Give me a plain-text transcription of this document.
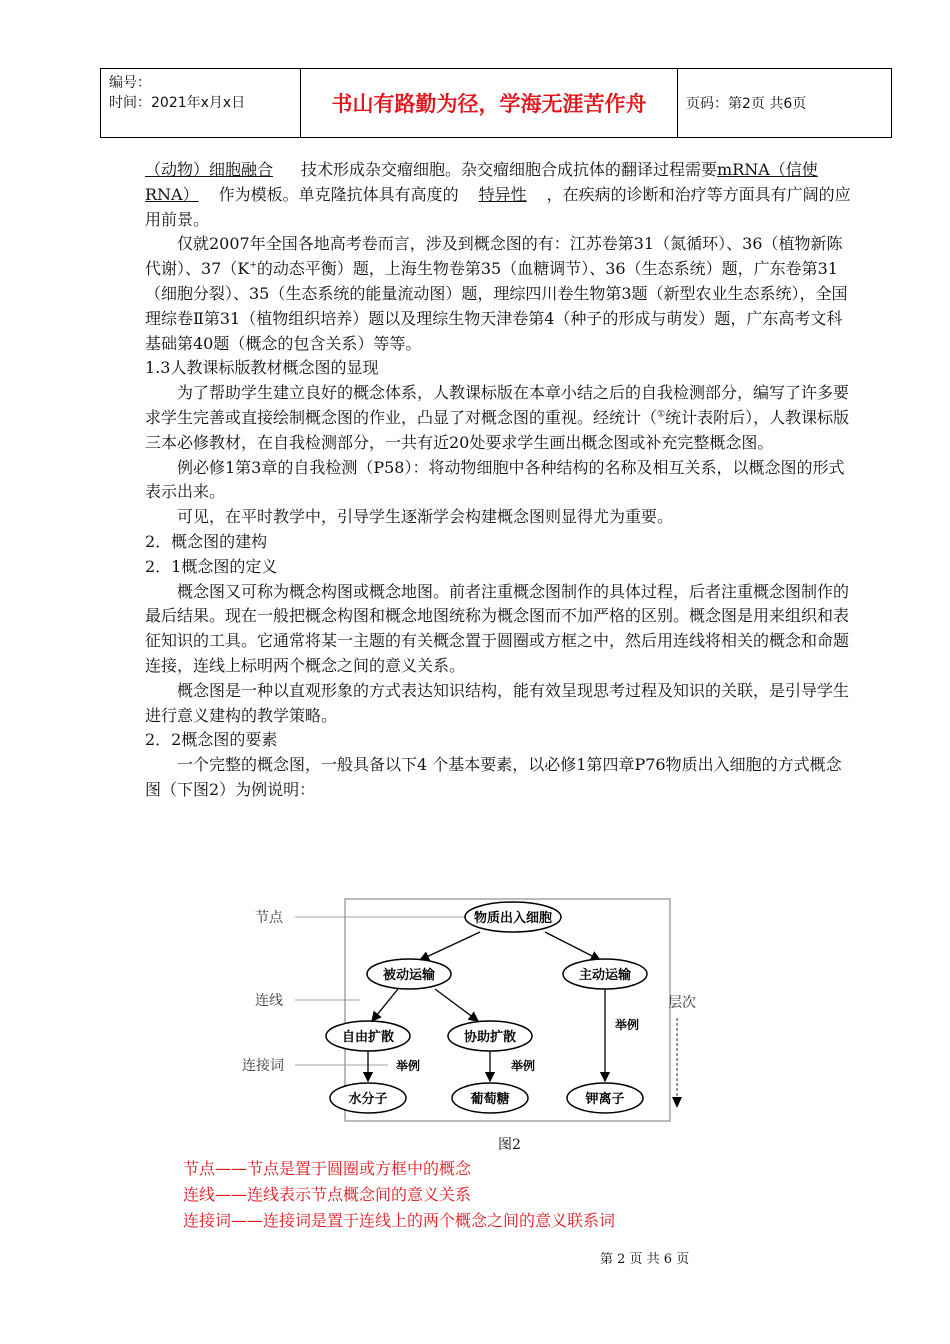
编号：
时间：2021年x月x日	书山有路勤为径，学海无涯苦作舟	页码：第2页 共6页

（动物）细胞融合 技术形成杂交瘤细胞。杂交瘤细胞合成抗体的翻译过程需要mRNA（信使RNA） 作为模板。单克隆抗体具有高度的 特异性 ，在疾病的诊断和治疗等方面具有广阔的应用前景。

仅就2007年全国各地高考卷而言，涉及到概念图的有：江苏卷第31（氮循环）、36（植物新陈代谢）、37（K+的动态平衡）题，上海生物卷第35（血糖调节）、36（生态系统）题，广东卷第31（细胞分裂）、35（生态系统的能量流动图）题，理综四川卷生物第3题（新型农业生态系统），全国理综卷Ⅱ第31（植物组织培养）题以及理综生物天津卷第4（种子的形成与萌发）题，广东高考文科基础第40题（概念的包含关系）等等。

1.3人教课标版教材概念图的显现

为了帮助学生建立良好的概念体系，人教课标版在本章小结之后的自我检测部分，编写了许多要求学生完善或直接绘制概念图的作业，凸显了对概念图的重视。经统计（①统计表附后），人教课标版三本必修教材，在自我检测部分，一共有近20处要求学生画出概念图或补充完整概念图。

例必修1第3章的自我检测（P58）：将动物细胞中各种结构的名称及相互关系，以概念图的形式表示出来。

可见，在平时教学中，引导学生逐渐学会构建概念图则显得尤为重要。

2．概念图的建构

2．1概念图的定义

概念图又可称为概念构图或概念地图。前者注重概念图制作的具体过程，后者注重概念图制作的最后结果。现在一般把概念构图和概念地图统称为概念图而不加严格的区别。概念图是用来组织和表征知识的工具。它通常将某一主题的有关概念置于圆圈或方框之中，然后用连线将相关的概念和命题连接，连线上标明两个概念之间的意义关系。

概念图是一种以直观形象的方式表达知识结构，能有效呈现思考过程及知识的关联，是引导学生进行意义建构的教学策略。

2．2概念图的要素

一个完整的概念图，一般具备以下4 个基本要素，以必修1第四章P76物质出入细胞的方式概念图（下图2）为例说明：

节点
连线
连接词
层次
举例	举例
举例
物质出入细胞
被动运输	主动运输
自由扩散	协助扩散
水分子	葡萄糖	钾离子
图2
节点——节点是置于圆圈或方框中的概念
连线——连线表示节点概念间的意义关系
连接词——连接词是置于连线上的两个概念之间的意义联系词
第 2 页 共 6 页
